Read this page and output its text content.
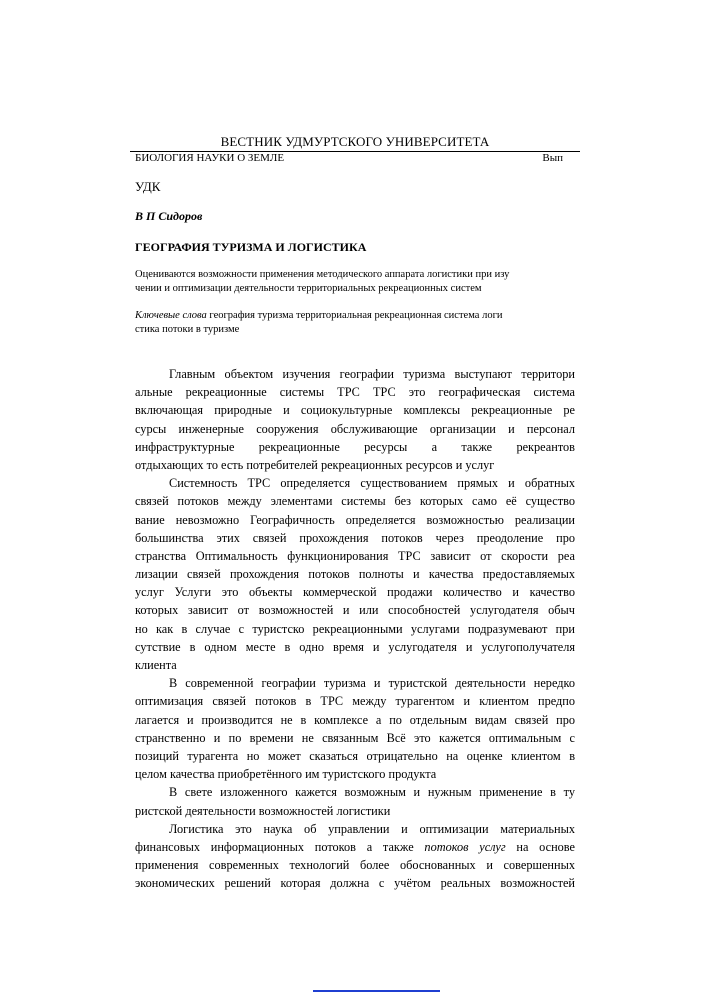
ВЕСТНИК УДМУРТСКОГО УНИВЕРСИТЕТА
БИОЛОГИЯ НАУКИ О ЗЕМЛЕ	Вып
УДК
В П Сидоров
ГЕОГРАФИЯ ТУРИЗМА И ЛОГИСТИКА
Оцениваются возможности применения методического аппарата логистики при изу
чении и оптимизации деятельности территориальных рекреационных систем
Ключевые слова география туризма территориальная рекреационная система логи
стика потоки в туризме
Главным объектом изучения географии туризма выступают территори
альные рекреационные системы ТРС ТРС это географическая система
включающая природные и социокультурные комплексы рекреационные ре
сурсы инженерные сооружения обслуживающие организации и персонал
инфраструктурные рекреационные ресурсы а также рекреантов
отдыхающих то есть потребителей рекреационных ресурсов и услуг
Системность ТРС определяется существованием прямых и обратных
связей потоков между элементами системы без которых само её существо
вание невозможно Географичность определяется возможностью реализации
большинства этих связей прохождения потоков через преодоление про
странства Оптимальность функционирования ТРС зависит от скорости реа
лизации связей прохождения потоков полноты и качества предоставляемых
услуг Услуги это объекты коммерческой продажи количество и качество
которых зависит от возможностей и или способностей услугодателя обыч
но как в случае с туристско рекреационными услугами подразумевают при
сутствие в одном месте в одно время и услугодателя и услугополучателя
клиента
В современной географии туризма и туристской деятельности нередко
оптимизация связей потоков в ТРС между турагентом и клиентом предпо
лагается и производится не в комплексе а по отдельным видам связей про
странственно и по времени не связанным Всё это кажется оптимальным с
позиций турагента но может сказаться отрицательно на оценке клиентом в
целом качества приобретённого им туристского продукта
В свете изложенного кажется возможным и нужным применение в ту
ристской деятельности возможностей логистики
Логистика это наука об управлении и оптимизации материальных
финансовых информационных потоков а также потоков услуг на основе
применения современных технологий более обоснованных и совершенных
экономических решений которая должна с учётом реальных возможностей
